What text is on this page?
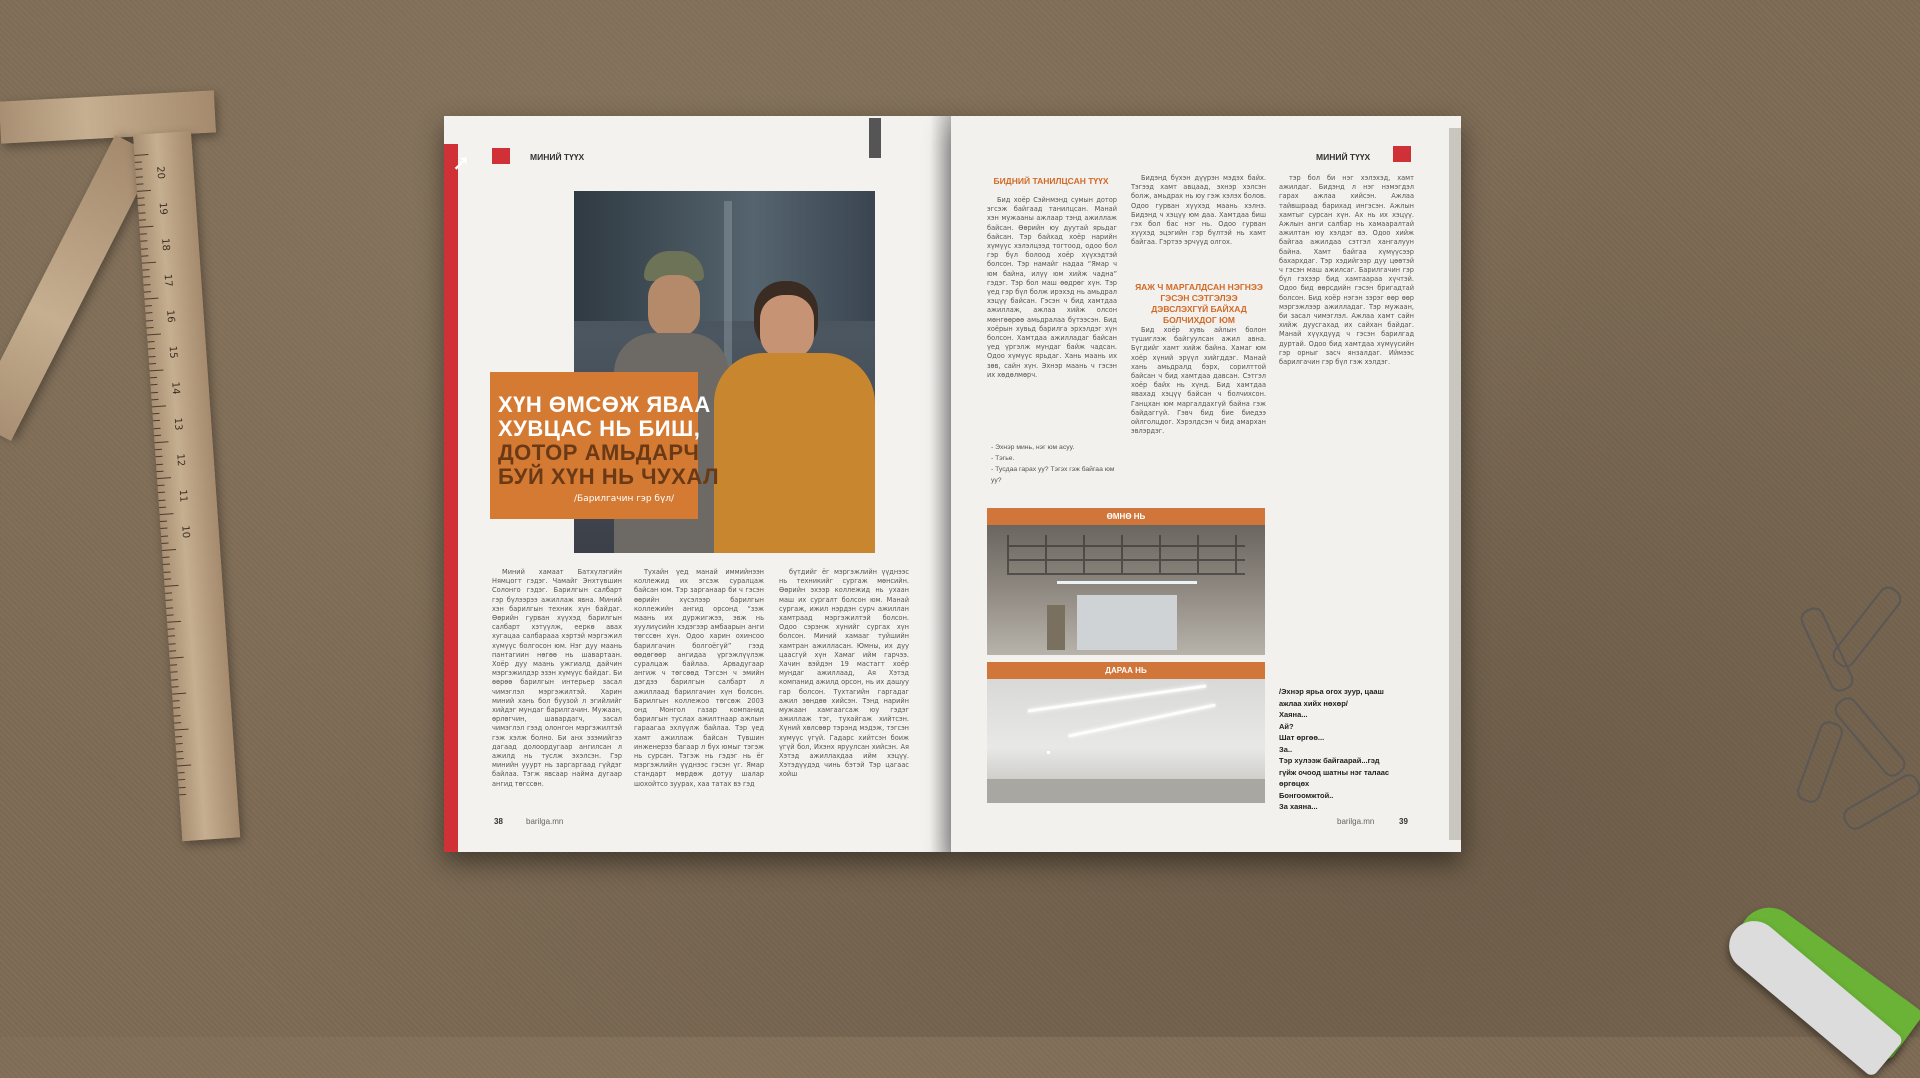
20
19
18
17
16
15
14
13
12
11
10
➚	МИНИЙ ТҮҮХ
ХҮН ӨМСӨЖ ЯВАА
ХУВЦАС НЬ БИШ,
ДОТОР АМЬДАРЧ
БУЙ ХҮН НЬ ЧУХАЛ
/Барилгачин гэр бүл/

Миний хамаат Батхүлэгийн Нямцогт гэдэг. Чамайг Энхтүвшин Солонго гэдэг. Барилгын салбарт гэр бүлээрээ ажиллаж явна. Миний хэн барилгын техник хүн байдаг. Өөрийн гурван хүүхэд барилгын салбарт хэтүүлж, ееркө авах хугацаа салбарааа хэртэй мэргэжил хүмүүс болгосон юм. Нэг дуу маань пантагиин нөгөө нь шавартаан. Хоёр дуу маань ужгиалд дайчин мэргэжилдэр эзэн хүмүүс байдаг. Би өөрөө барилгын интерьер засал чимэглэл мэргэжилтэй. Харин миний хань бол буузой л эгийлийг хийдэг мундаг барилгачин. Мужаан, өрлөгчин, шавардагч, засал чимэглэл гээд олонгон мэргэжилтэй гэж хэлж болно. Би анх эзэмийгээ дагаад долоордугаар ангилсан л ажилд нь туслж эхэлсэн. Гэр минийн ууурт нь заргаргаад гүйдэг байлаа. Тэгж явсаар найма дугаар ангид төгссөн.

Тухайн үед манай иммийнээн коллежид их эгсэж суралцаж байсан юм. Тэр зарганаар би ч гэсэн өөрийн хүсэлээр барилгын коллежийн ангид орсонд “зэж маань их дуржигжээ, эвж нь хуулиүсийн хэдэгээр амбаарын анги төгссөн хүн. Одоо харин охинсоо барилгачин болгоёгүй” гээд өөдөгөөр ангидаа үргэжлүүлэж суралцаж байлаа. Арвадугаар ангиж ч төгсөөд Тэгсэн ч эмийн дэгдээ барилгын салбарт л ажиллаад барилгачин хүн болсон. Барилгын коллежоо төгсөж 2003 онд Монгол газар компанид барилгын туслах ажилтнаар ажлын гараагаа эхлүүлж байлаа. Тэр үед хамт ажиллаж байсан Түвшин инженерээ багаар л бүх юмыг тэгэж нь сурсан. Тэгэж нь гэдэг нь ёг мэргэжлийн үүднээс гэсэн үг. Ямар стандарт мөрдөж дотуу шалар шохойтсо зуурах, хаа татах вэ гэд

бүтдийг ёг мэргэжлийн үүднээс нь техникийг сургаж мөнсийн. Өөрийн эхээр коллежид нь ухаан маш их сургалт болсон юм. Манай сургаж, ижил нэрдэн сурч ажиллан хамтраад мэргэжилтэй болсон. Одоо сэрэнж хүнийг сургах хүн болсон. Миний хамааг туйшийн хамтран ажилласан. Юмны, их дуу цаасгүй хүн Хамаг ийм гарчээ. Хачин вэйдэн 19 мастагт хоёр мундаг ажиллаад, Ая Хэтэд компанид ажилд орсон, нь их дашуу гар болсон. Тухтагийн гаргадаг ажил зөндөө хийсэн. Тэнд нарийн мужаан хамгаагсаж юу гэдэг ажиллаж тэг, тухайгаж хийтсэн. Хүний хөлсөөр тэрэнд мэдэж, тэгсэн хүмүүс үгүй. Гадарс хийтсэн боиж үгүй бол, Ихэнх яруулсан хийсэн. Ая Хэтэд ажиллахдаа ийм хэцүү. Хэтэдүүдэд чинь бэтэй Тэр цагаас хойш

38	barilga.mn
МИНИЙ ТҮҮХ
БИДНИЙ ТАНИЛЦСАН ТҮҮХ

Бид хоёр Сэйнмэнд сумын дотор эгсэж байгаад танилцсан. Манай хэн мужааны ажлаар тэнд ажиллаж байсан. Өөрийн юу дуутай ярьдаг байсан. Тэр байхад хоёр нарийн хүмүүс хэлэлцээд тогтоод, одоо бол гэр бүл болоод хоёр хүүхэдтэй болсон. Тэр намайг надаа “Ямар ч юм байна, илүү юм хийж чадна” гэдэг. Тэр бол маш өөдрөг хүн. Тэр үед гэр бүл болж ирэхэд нь амьдрал хэцүү байсан. Гэсэн ч бид хамтдаа ажиллаж, ажлаа хийж олсон мөнгөөрөө амьдралаа бүтээсэн. Бид хоёрын хувьд барилга эрхэлдэг хүн болсон. Хамтдаа ажилладаг байсан үед үргэлж мундаг байж чадсан. Одоо хүмүүс ярьдаг. Хань маань их зөв, сайн хүн. Эхнэр маань ч гэсэн их хөдөлмөрч.

- Эхнэр минь, нэг юм асуу.
- Тэгье.
- Тусдаа гарах уу? Тэгэх гэж байгаа юм уу?

Бидэнд бүхэн дүүрэн мэдэх байх. Тэгээд хамт авцаад, эхнэр хэлсэн болж, амьдрах нь юу гэж хэлэх болов. Одоо гурван хүүхэд маань хэлнэ. Бидэнд ч хэцүү юм даа. Хамтдаа биш гэх бол бас нэг нь. Одоо гурван хүүхэд эцэгийн гэр бүлтэй нь хамт байгаа. Гэртээ эрчүүд олгох.

ЯАЖ Ч МАРГАЛДСАН НЭГНЭЭ ГЭСЭН СЭТГЭЛЭЭ ДЭВСЛЭХГҮЙ БАЙХАД БОЛЧИХДОГ ЮМ

Бид хоёр хувь айлын болон түшиглэж байгуулсан ажил авна. Бүгдийг хамт хийж байна. Хамаг юм хоёр хүний эрүүл хийгддэг. Манай хань амьдралд бэрх, сорилттой байсан ч бид хамтдаа давсан. Сэтгэл хоёр байх нь хүнд. Бид хамтдаа явахад хэцүү байсан ч болчихсон. Ганцхан юм маргалдахгүй байна гэж байдаггүй. Гэвч бид бие биедээ ойлголцдог. Хэрэлдсэн ч бид амархан эвлэрдэг.

ӨМНӨ НЬ
ДАРАА НЬ

тэр бол би нэг хэлэхэд, хамт ажилдаг. Бидэнд л нэг нэмэгдэл гарах ажлаа хийсэн. Ажлаа тайвшраад барихад ингэсэн. Ажлын хамтыг сурсан хүн. Ах нь их хэцүү. Ажлын анги салбар нь хамааралтай ажилтан юу хэлдэг вэ. Одоо хийж байгаа ажилдаа сэтгэл хангалуун байна. Хамт байгаа хүмүүсээр бахархдаг. Тэр хэдийгээр дуу цөөтэй ч гэсэн маш ажилсаг. Барилгачин гэр бүл гэхээр бид хамтаараа хүчтэй. Одоо бид өөрсдийн гэсэн бригадтай болсон. Бид хоёр нэгэн зэрэг өөр өөр мэргэжлээр ажилладаг. Тэр мужаан, би засал чимэглэл. Ажлаа хамт сайн хийж дуусгахад их сайхан байдаг. Манай хүүхдүүд ч гэсэн барилгад дуртай. Одоо бид хамтдаа хүмүүсийн гэр орныг засч янзалдаг. Иймээс барилгачин гэр бүл гэж хэлдэг.

/Эхнэр ярьа огох зуур, цааш
ажлаа хийх нөхөр/
Хаяна...
Ай?
Шат өргөө...
За..
Тэр хулээж байгаарай...гэд
гүйж очоод шатны нэг талаас
өргөцөх
Бонгоомжтой..
За хаяна...
barilga.mn	39
